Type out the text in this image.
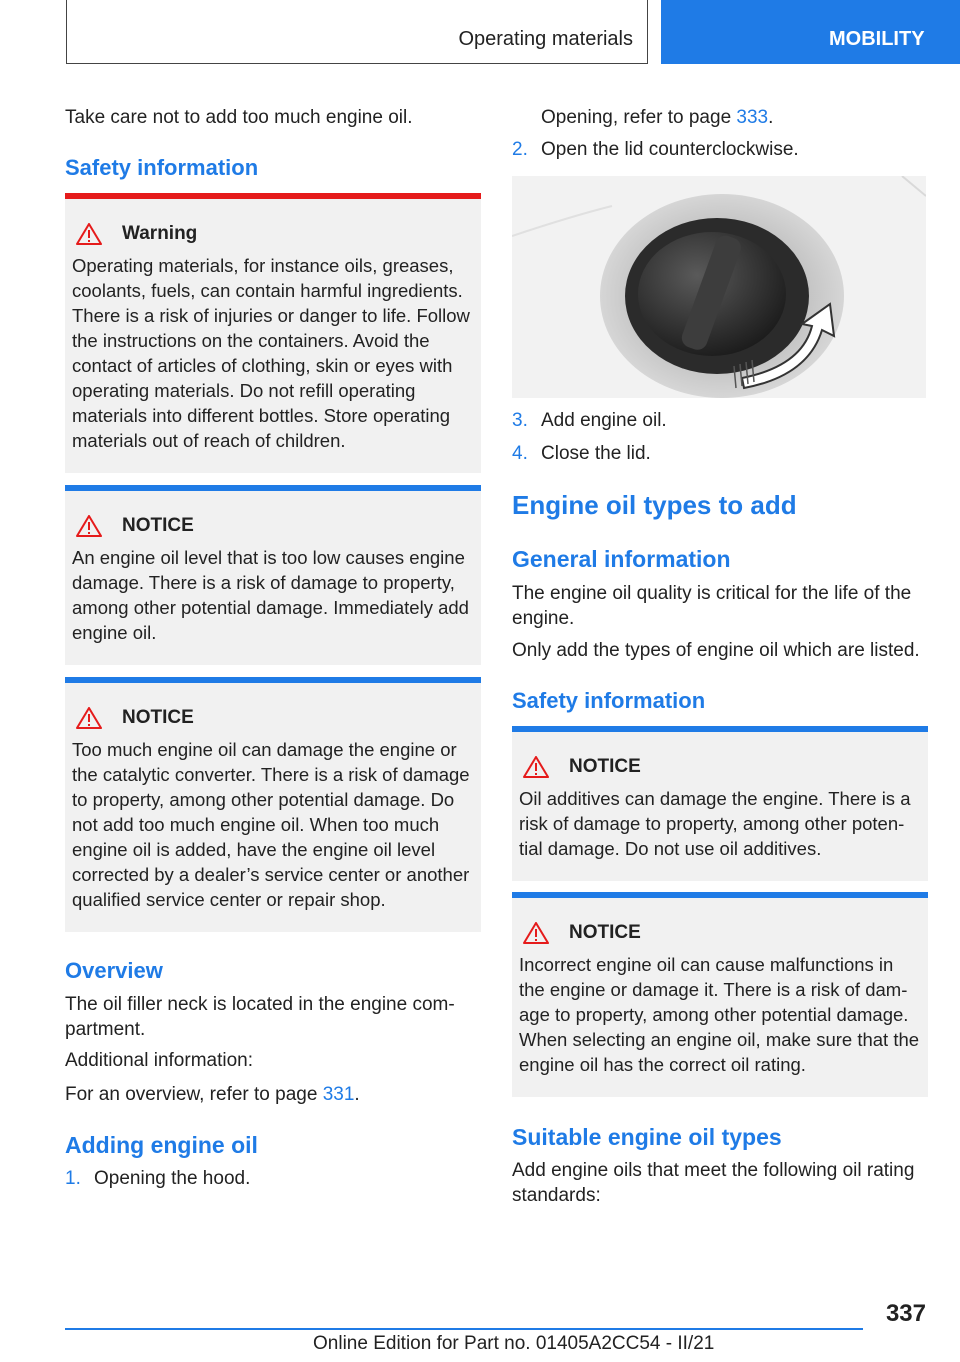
Operating materials	MOBILITY

Take care not to add too much engine oil.

Safety information
Warning
Operating materials, for instance oils, greases, coolants, fuels, can contain harmful ingredients. There is a risk of injuries or danger to life. Follow the instructions on the containers. Avoid the contact of articles of clothing, skin or eyes with operating materials. Do not refill operating materials into different bottles. Store operating materials out of reach of children.
NOTICE
An engine oil level that is too low causes engine damage. There is a risk of damage to property, among other potential damage. Immediately add engine oil.
NOTICE
Too much engine oil can damage the engine or the catalytic converter. There is a risk of damage to property, among other potential damage. Do not add too much engine oil. When too much engine oil is added, have the engine oil level corrected by a dealer’s service center or another qualified service center or repair shop.
Overview

The oil filler neck is located in the engine compartment.

Additional information:

For an overview, refer to page 331.

Adding engine oil
1. Opening the hood.

Opening, refer to page 333.

2. Open the lid counterclockwise.
3. Add engine oil.
4. Close the lid.
Engine oil types to add
General information

The engine oil quality is critical for the life of the engine.

Only add the types of engine oil which are listed.

Safety information
NOTICE
Oil additives can damage the engine. There is a risk of damage to property, among other potential damage. Do not use oil additives.
NOTICE
Incorrect engine oil can cause malfunctions in the engine or damage it. There is a risk of damage to property, among other potential damage. When selecting an engine oil, make sure that the engine oil has the correct oil rating.
Suitable engine oil types

Add engine oils that meet the following oil rating standards:

337
Online Edition for Part no. 01405A2CC54 - II/21
